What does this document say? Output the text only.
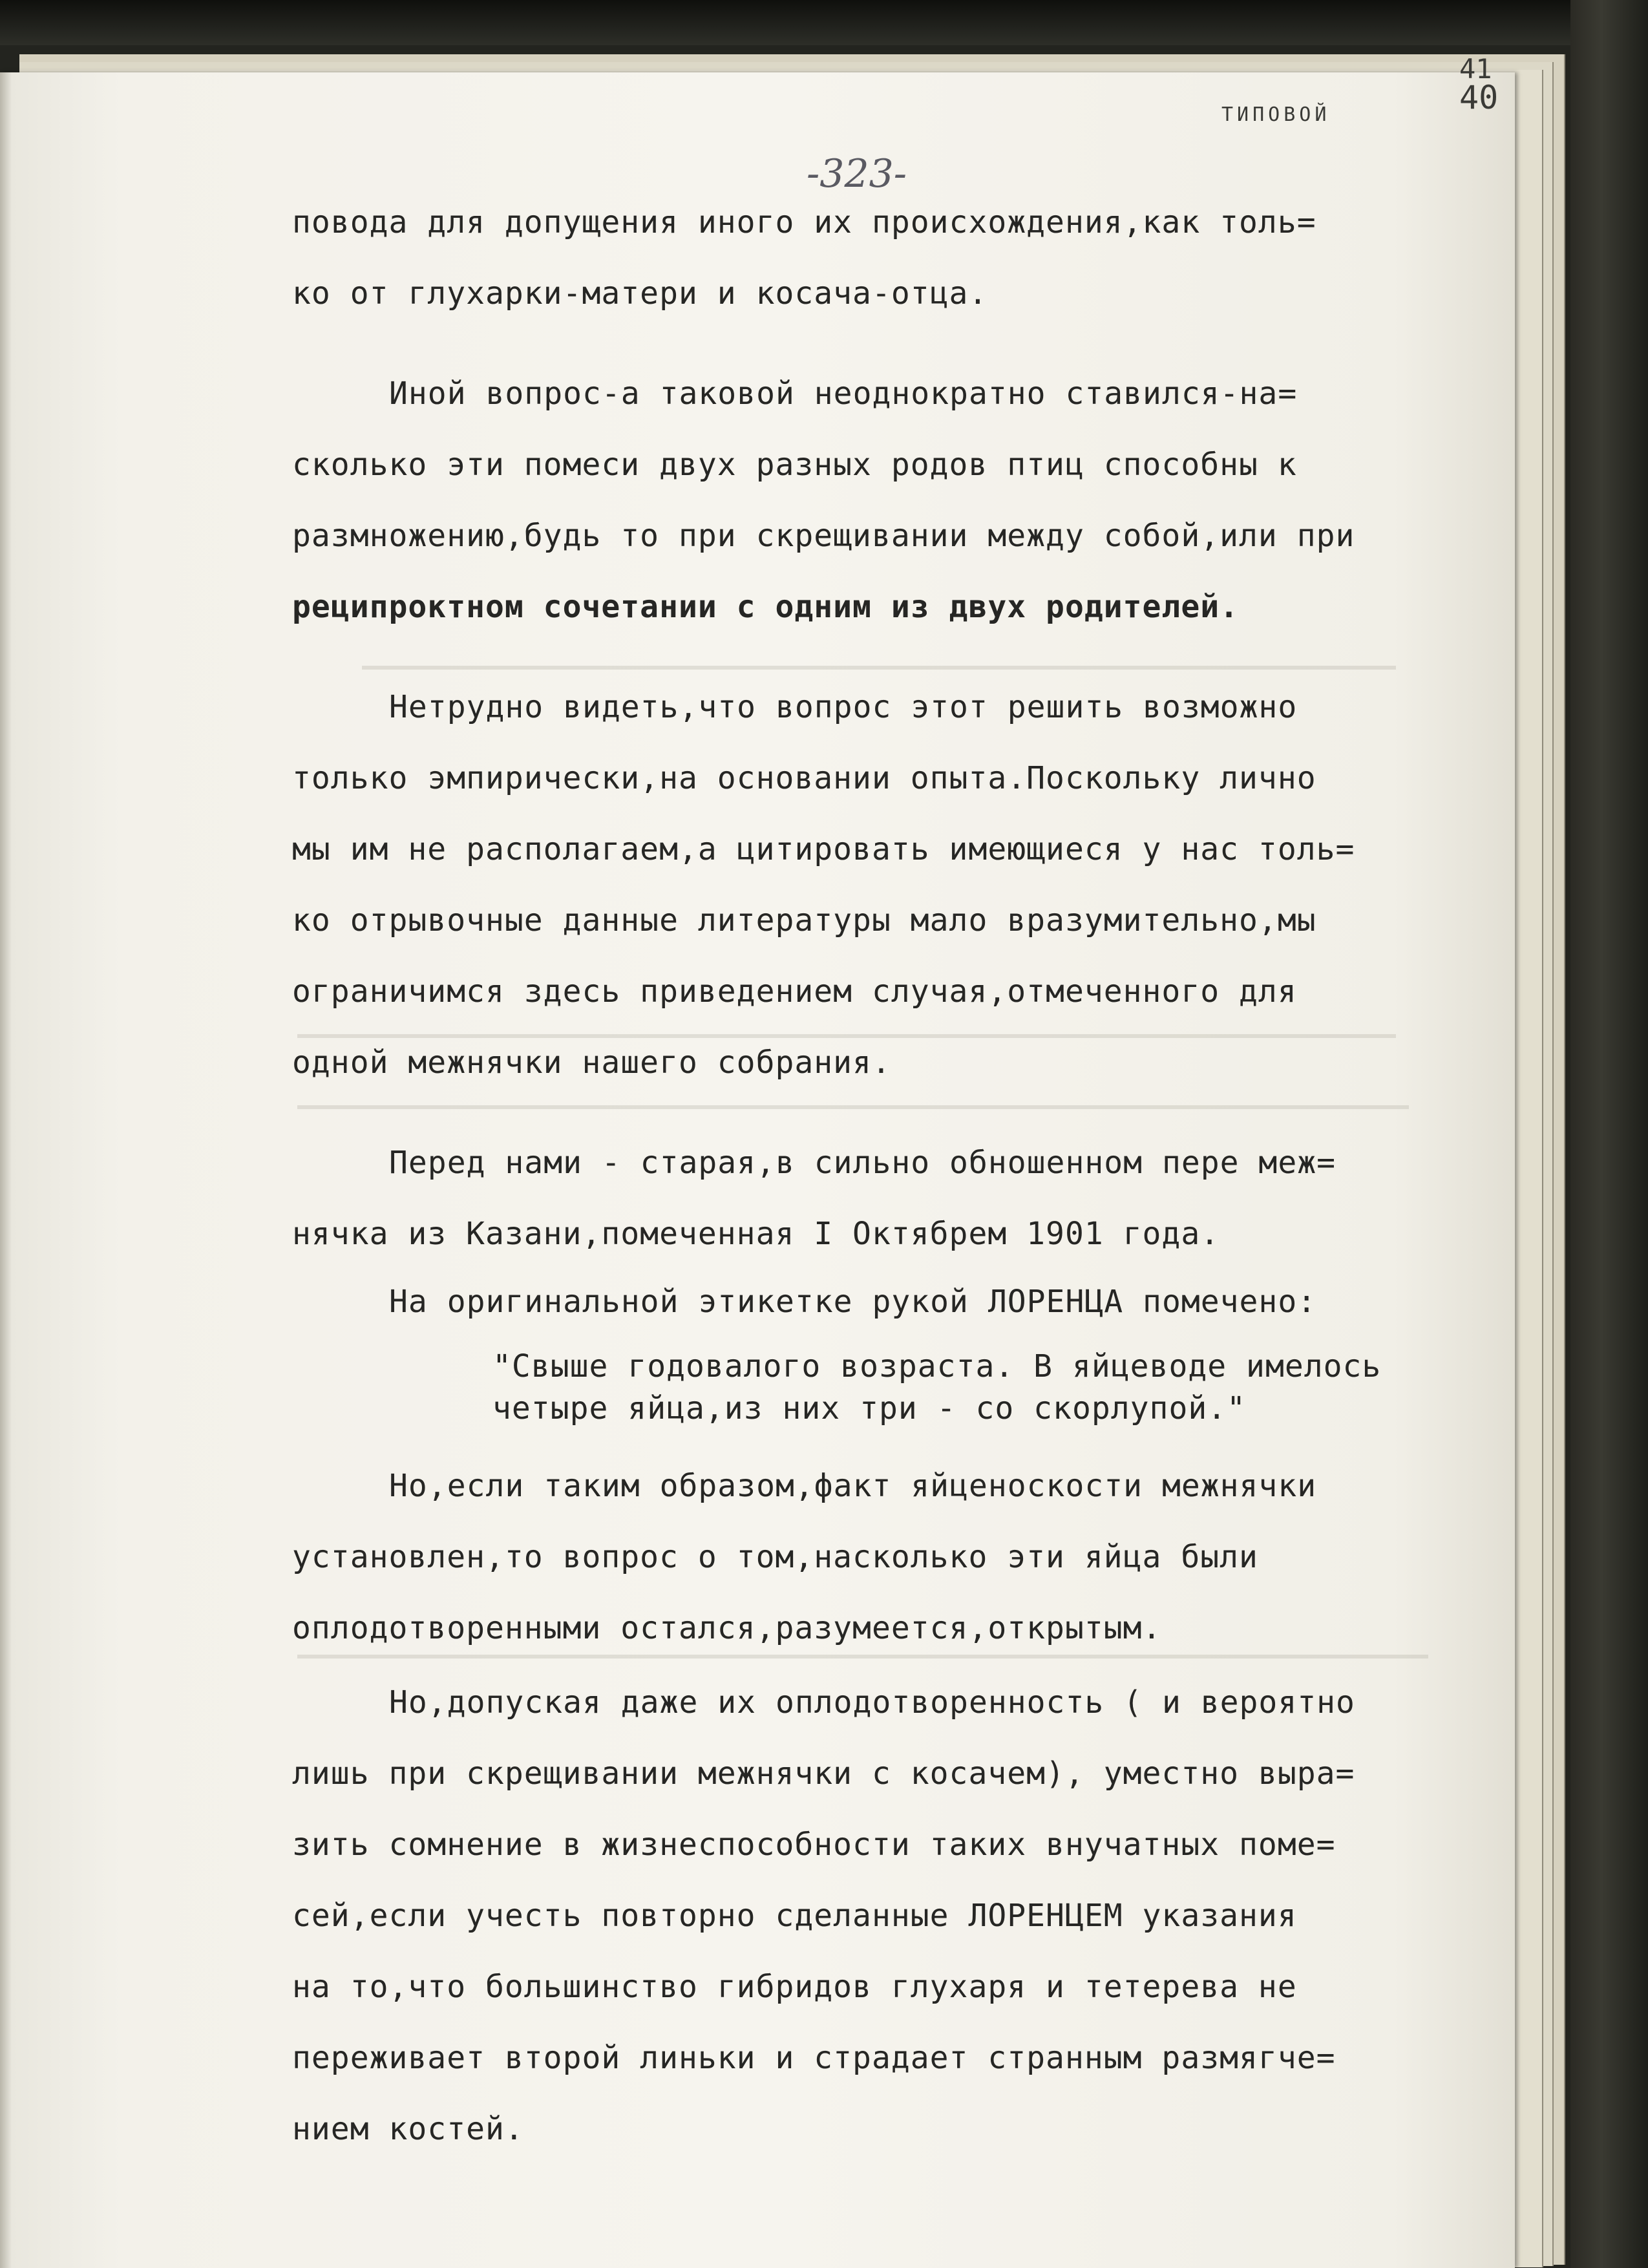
41
40
ТИПОВОЙ
-323-
повода для допущения иного их происхождения,как толь=
ко от глухарки-матери и косача-отца.
Иной вопрос-а таковой неоднократно ставился-на=
сколько эти помеси двух разных родов птиц способны к
размножению,будь то при скрещивании между собой,или при
реципроктном сочетании с одним из двух родителей.
Нетрудно видеть,что вопрос этот решить возможно
только эмпирически,на основании опыта.Поскольку лично
мы им не располагаем,а цитировать имеющиеся у нас толь=
ко отрывочные данные литературы мало вразумительно,мы
ограничимся здесь приведением случая,отмеченного для
одной межнячки нашего собрания.
Перед нами - старая,в сильно обношенном пере меж=
нячка из Казани,помеченная I Октябрем 1901 года.
На оригинальной этикетке рукой ЛОРЕНЦА помечено:
"Свыше годовалого возраста. В яйцеводе имелось
четыре яйца,из них три - со скорлупой."
Но,если таким образом,факт яйценоскости межнячки
установлен,то вопрос о том,насколько эти яйца были
оплодотворенными остался,разумеется,открытым.
Но,допуская даже их оплодотворенность ( и вероятно
лишь при скрещивании межнячки с косачем), уместно выра=
зить сомнение в жизнеспособности таких внучатных поме=
сей,если учесть повторно сделанные ЛОРЕНЦЕМ указания
на то,что большинство гибридов глухаря и тетерева не
переживает второй линьки и страдает странным размягче=
нием костей.
